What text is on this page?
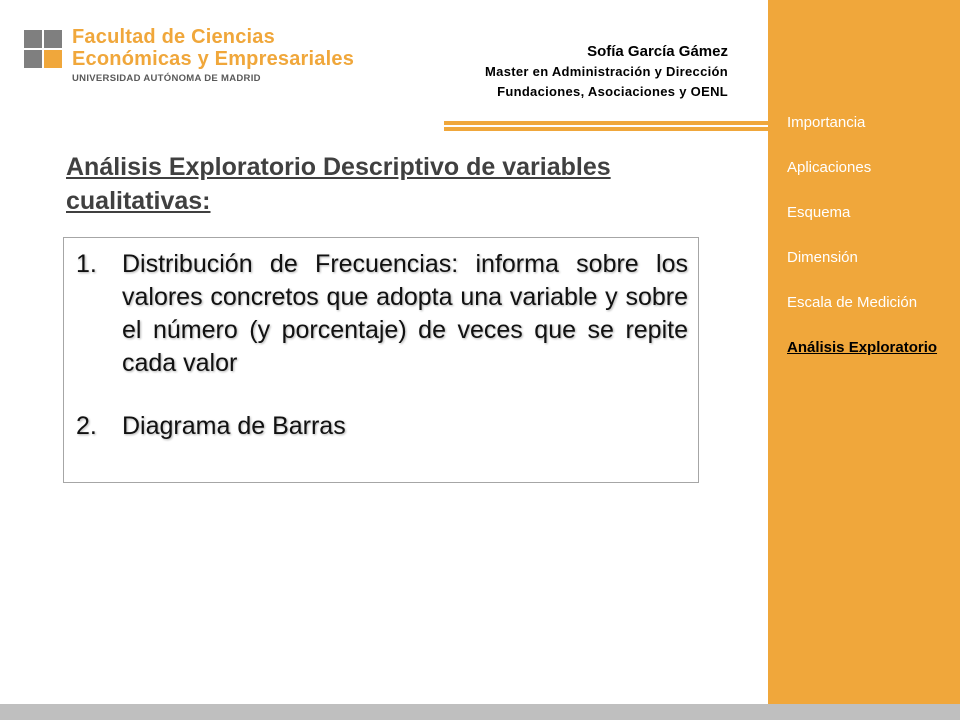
Facultad de Ciencias
Económicas y Empresariales
UNIVERSIDAD AUTÓNOMA DE MADRID
Sofía García Gámez
Master en Administración y Dirección
Fundaciones, Asociaciones y OENL
Análisis Exploratorio Descriptivo de variables cualitativas:
1. Distribución de Frecuencias: informa sobre los valores concretos que adopta una variable y sobre el número (y porcentaje) de veces que se repite cada valor
2. Diagrama de Barras
Importancia
Aplicaciones
Esquema
Dimensión
Escala de Medición
Análisis Exploratorio
